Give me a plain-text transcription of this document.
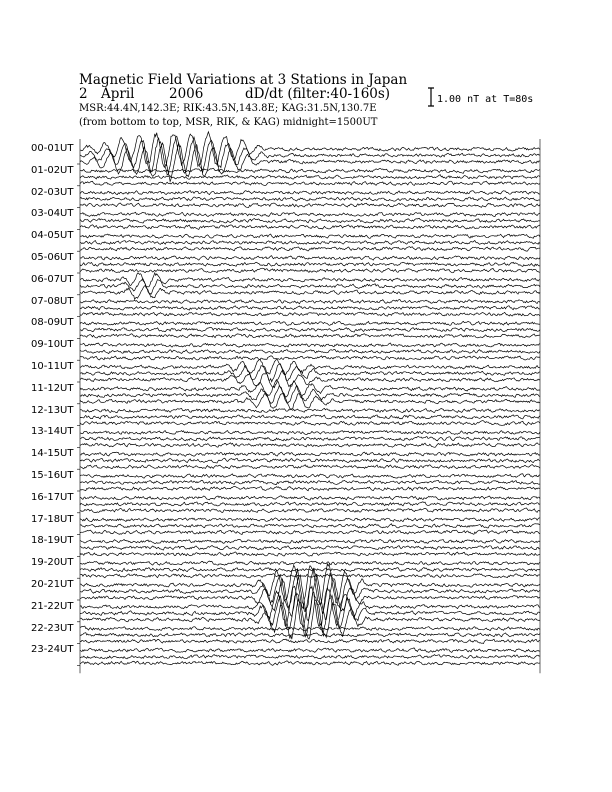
Magnetic Field Variations at 3 Stations in Japan
2 April	2006	dD/dt (filter:40-160s)
MSR:44.4N,142.3E; RIK:43.5N,143.8E; KAG:31.5N,130.7E
(from bottom to top, MSR, RIK, & KAG) midnight=1500UT
1.00 nT at T=80s
00-01UT
01-02UT
02-03UT
03-04UT
04-05UT
05-06UT
06-07UT
07-08UT
08-09UT
09-10UT
10-11UT
11-12UT
12-13UT
13-14UT
14-15UT
15-16UT
16-17UT
17-18UT
18-19UT
19-20UT
20-21UT
21-22UT
22-23UT
23-24UT
